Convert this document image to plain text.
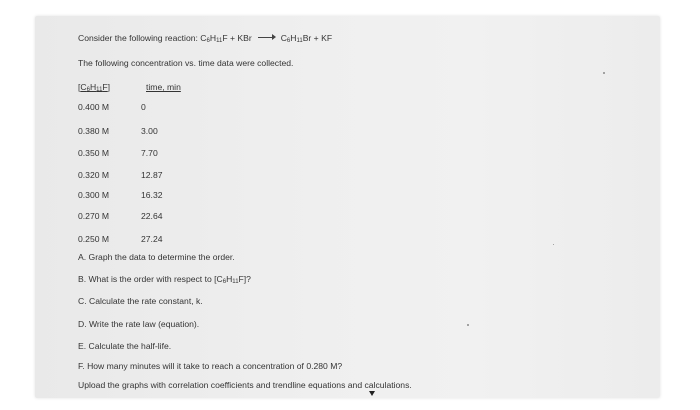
Consider the following reaction: $C_6H_{11}F$ + KBr	$C_6H_{11}Br$ + KF
The following concentration vs. time data were collected.
$[C_6H_{11}F]$	time, min
0.400 M	0
0.380 M	3.00
0.350 M	7.70
0.320 M	12.87
0.300 M	16.32
0.270 M	22.64
0.250 M	27.24
A. Graph the data to determine the order.
B. What is the order with respect to $[C_6H_{11}F]$?
C. Calculate the rate constant, k.
D. Write the rate law (equation).
E. Calculate the half-life.
F. How many minutes will it take to reach a concentration of 0.280 M?
Upload the graphs with correlation coefficients and trendline equations and calculations.
